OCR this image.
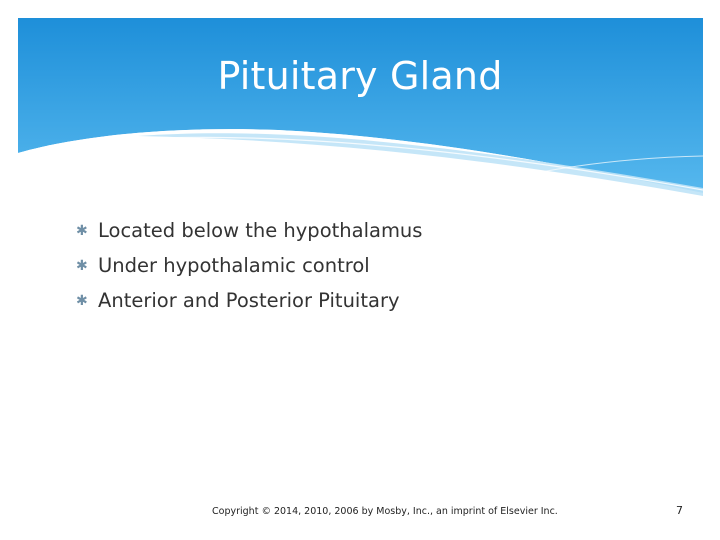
Pituitary Gland
✱ Located below the hypothalamus
✱ Under hypothalamic control
✱ Anterior and Posterior Pituitary
Copyright © 2014, 2010, 2006 by Mosby, Inc., an imprint of Elsevier Inc.	7
